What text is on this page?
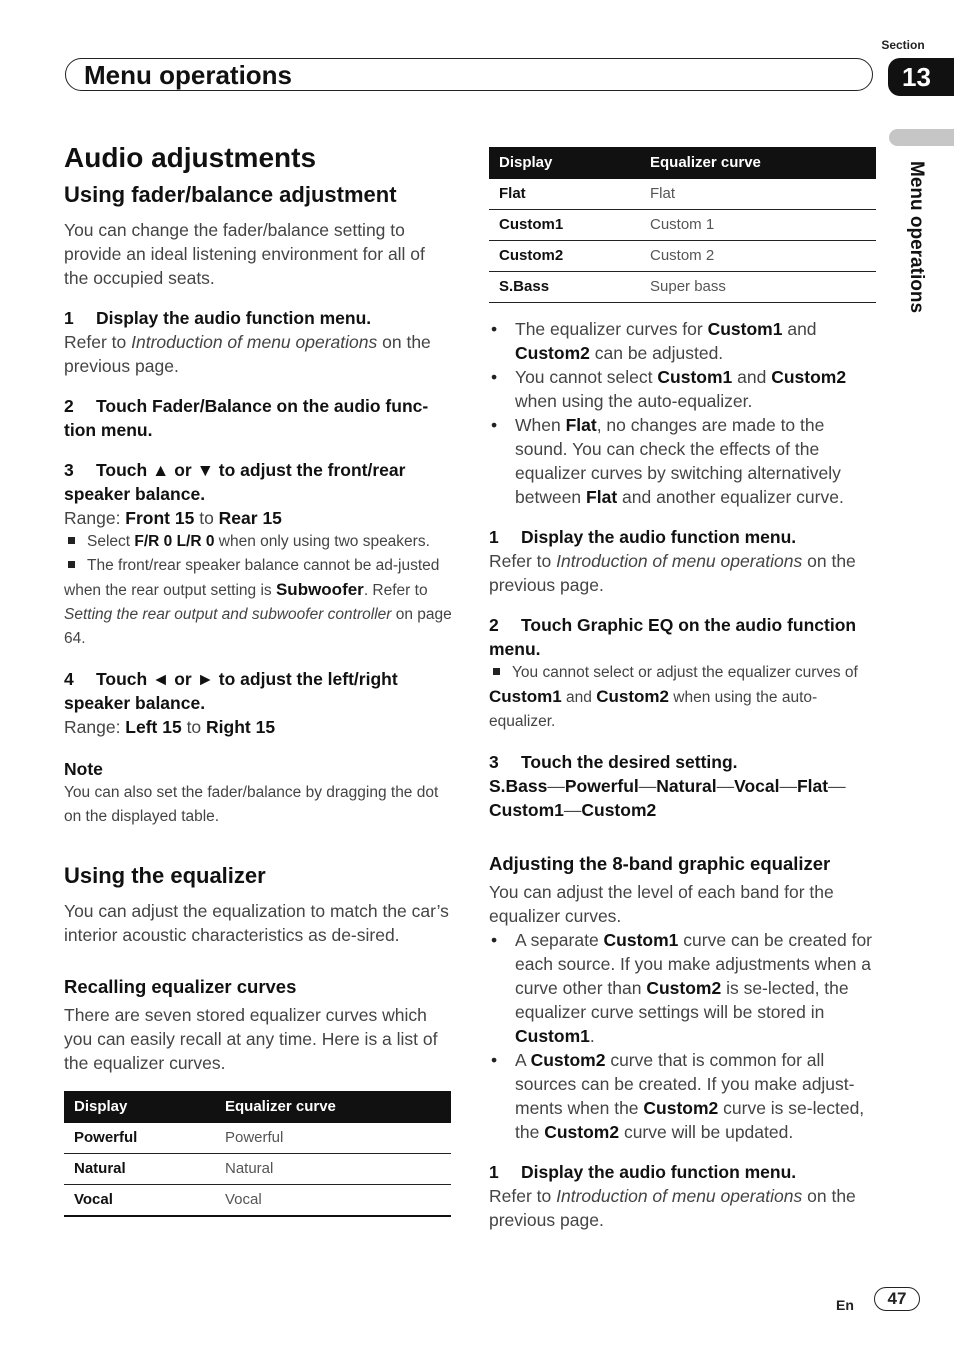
Section
Menu operations	13
Menu operations
Audio adjustments
Using fader/balance adjustment

You can change the fader/balance setting to provide an ideal listening environment for all of the occupied seats.

1 Display the audio function menu.

Refer to Introduction of menu operations on the previous page.

2 Touch Fader/Balance on the audio func-tion menu.

3 Touch ▲ or ▼ to adjust the front/rear speaker balance.

Range: Front 15 to Rear 15

Select F/R 0 L/R 0 when only using two speakers.

The front/rear speaker balance cannot be ad-justed when the rear output setting is Subwoofer. Refer to Setting the rear output and subwoofer controller on page 64.

4 Touch ◄ or ► to adjust the left/right speaker balance.

Range: Left 15 to Right 15

Note

You can also set the fader/balance by dragging the dot on the displayed table.

Using the equalizer

You can adjust the equalization to match the car’s interior acoustic characteristics as de-sired.

Recalling equalizer curves

There are seven stored equalizer curves which you can easily recall at any time. Here is a list of the equalizer curves.

Display	Equalizer curve
Powerful	Powerful
Natural	Natural
Vocal	Vocal
Display	Equalizer curve
Flat	Flat
Custom1	Custom 1
Custom2	Custom 2
S.Bass	Super bass
• The equalizer curves for Custom1 and Custom2 can be adjusted.
• You cannot select Custom1 and Custom2 when using the auto-equalizer.
• When Flat, no changes are made to the sound. You can check the effects of the equalizer curves by switching alternatively between Flat and another equalizer curve.

1 Display the audio function menu.

Refer to Introduction of menu operations on the previous page.

2 Touch Graphic EQ on the audio function menu.

You cannot select or adjust the equalizer curves of Custom1 and Custom2 when using the auto-equalizer.

3 Touch the desired setting.

S.Bass—Powerful—Natural—Vocal—Flat—Custom1—Custom2

Adjusting the 8-band graphic equalizer

You can adjust the level of each band for the equalizer curves.

• A separate Custom1 curve can be created for each source. If you make adjustments when a curve other than Custom2 is se-lected, the equalizer curve settings will be stored in Custom1.
• A Custom2 curve that is common for all sources can be created. If you make adjust-ments when the Custom2 curve is se-lected, the Custom2 curve will be updated.

1 Display the audio function menu.

Refer to Introduction of menu operations on the previous page.

En	47
